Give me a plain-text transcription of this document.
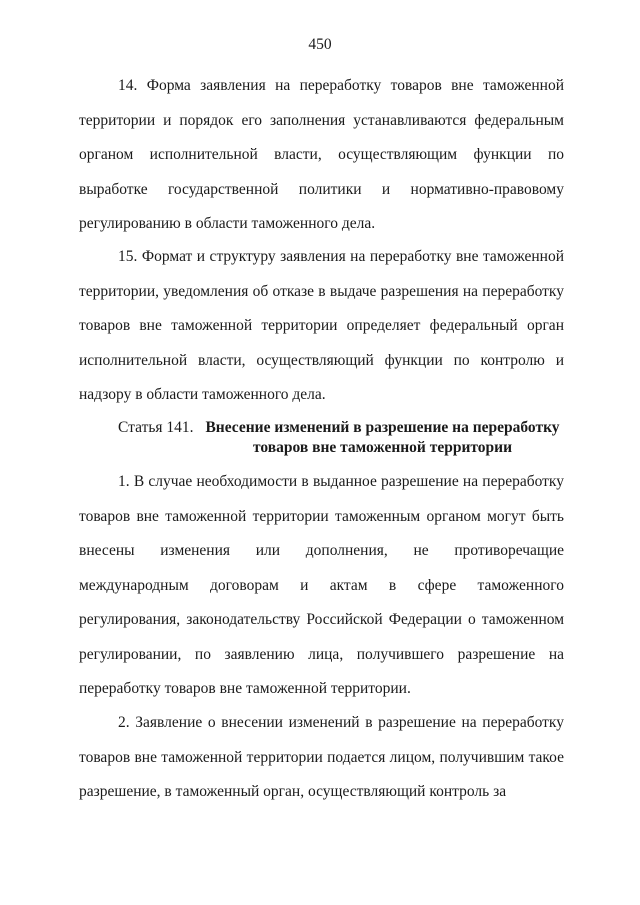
450

14. Форма заявления на переработку товаров вне таможенной территории и порядок его заполнения устанавливаются федеральным органом исполнительной власти, осуществляющим функции по выработке государственной политики и нормативно-правовому регулированию в области таможенного дела.

15. Формат и структуру заявления на переработку вне таможенной территории, уведомления об отказе в выдаче разрешения на переработку товаров вне таможенной территории определяет федеральный орган исполнительной власти, осуществляющий функции по контролю и надзору в области таможенного дела.

Статья 141. Внесение изменений в разрешение на переработку товаров вне таможенной территории

1. В случае необходимости в выданное разрешение на переработку товаров вне таможенной территории таможенным органом могут быть внесены изменения или дополнения, не противоречащие международным договорам и актам в сфере таможенного регулирования, законодательству Российской Федерации о таможенном регулировании, по заявлению лица, получившего разрешение на переработку товаров вне таможенной территории.

2. Заявление о внесении изменений в разрешение на переработку товаров вне таможенной территории подается лицом, получившим такое разрешение, в таможенный орган, осуществляющий контроль за
